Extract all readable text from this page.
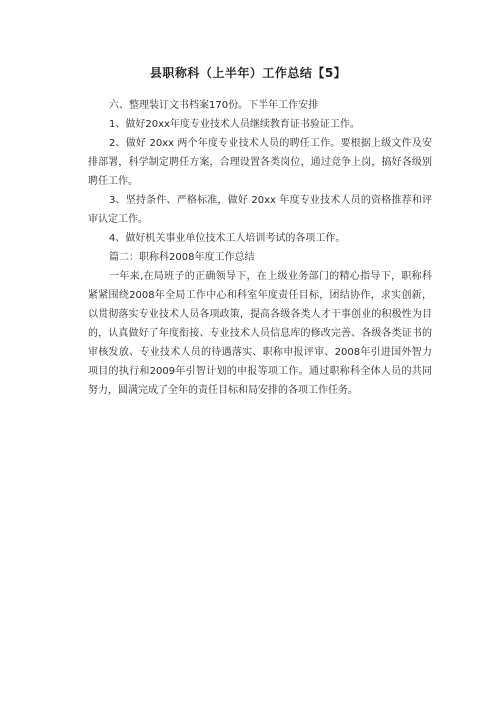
县职称科（上半年）工作总结【5】

六、整理装订文书档案170份。下半年工作安排

1、做好20xx年度专业技术人员继续教育证书验证工作。

2、做好 20xx 两个年度专业技术人员的聘任工作。要根据上级文件及安排部署，科学制定聘任方案，合理设置各类岗位，通过竞争上岗，搞好各级别聘任工作。

3、坚持条件、严格标准，做好 20xx 年度专业技术人员的资格推荐和评审认定工作。

4、做好机关事业单位技术工人培训考试的各项工作。

篇二：职称科2008年度工作总结

一年来,在局班子的正确领导下，在上级业务部门的精心指导下，职称科紧紧围绕2008年全局工作中心和科室年度责任目标，团结协作，求实创新，以贯彻落实专业技术人员各项政策，提高各级各类人才干事创业的积极性为目的，认真做好了年度衔接、专业技术人员信息库的修改完善、各级各类证书的审核发放、专业技术人员的待遇落实、职称申报评审、2008年引进国外智力项目的执行和2009年引智计划的申报等项工作。通过职称科全体人员的共同努力，圆满完成了全年的责任目标和局安排的各项工作任务。
